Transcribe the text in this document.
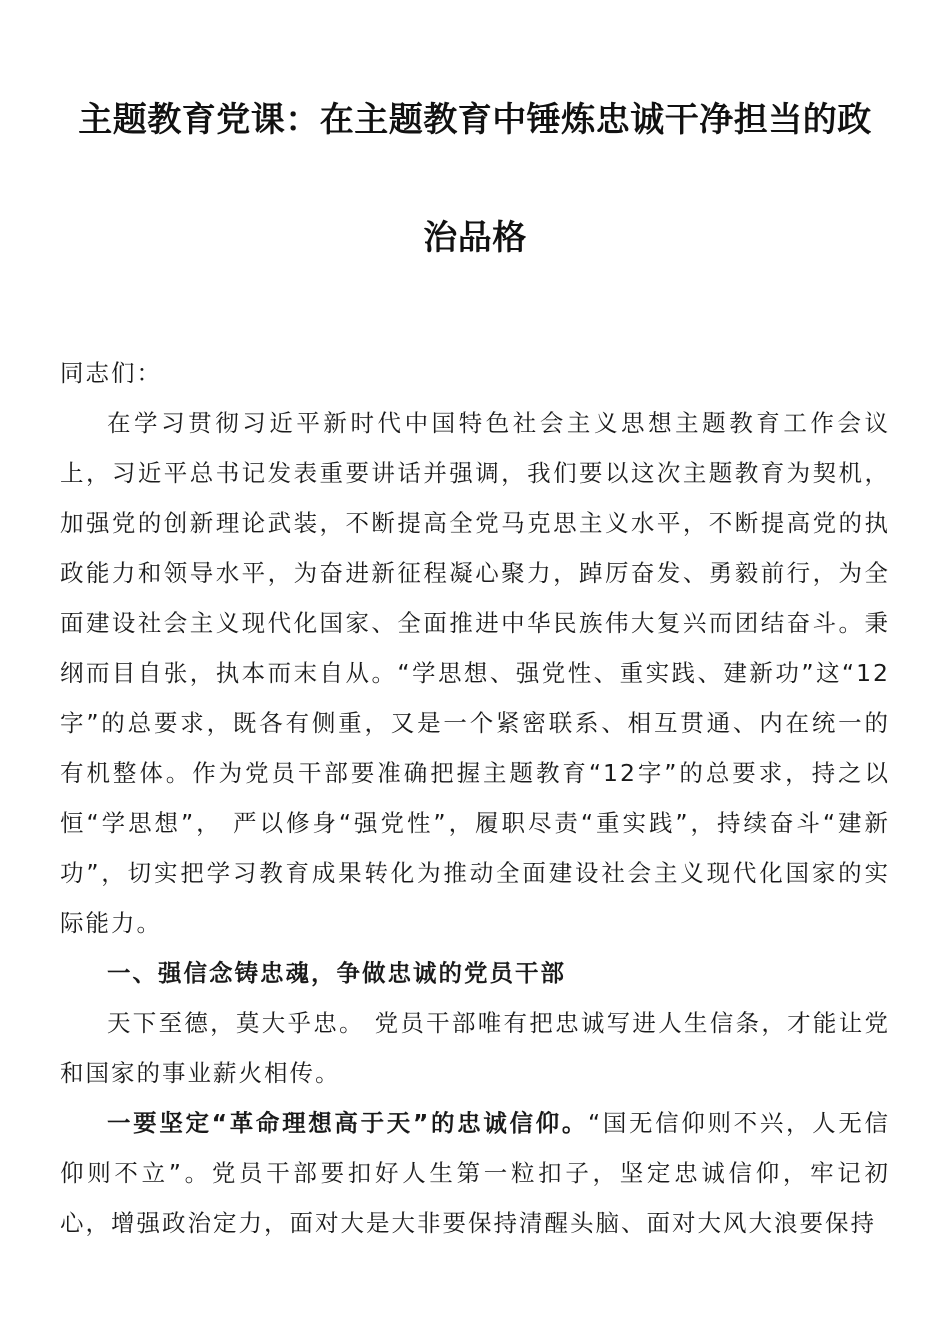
主题教育党课：在主题教育中锤炼忠诚干净担当的政
治品格

同志们：

在学习贯彻习近平新时代中国特色社会主义思想主题教育工作会议上，习近平总书记发表重要讲话并强调，我们要以这次主题教育为契机，加强党的创新理论武装，不断提高全党马克思主义水平，不断提高党的执政能力和领导水平，为奋进新征程凝心聚力，踔厉奋发、勇毅前行，为全面建设社会主义现代化国家、全面推进中华民族伟大复兴而团结奋斗。秉纲而目自张，执本而末自从。“学思想、强党性、重实践、建新功”这“12字”的总要求，既各有侧重，又是一个紧密联系、相互贯通、内在统一的有机整体。作为党员干部要准确把握主题教育“12字”的总要求，持之以恒“学思想”， 严以修身“强党性”，履职尽责“重实践”，持续奋斗“建新功”，切实把学习教育成果转化为推动全面建设社会主义现代化国家的实际能力。

一、强信念铸忠魂，争做忠诚的党员干部

天下至德，莫大乎忠。 党员干部唯有把忠诚写进人生信条，才能让党和国家的事业薪火相传。

一要坚定“革命理想高于天”的忠诚信仰。“国无信仰则不兴，人无信仰则不立”。党员干部要扣好人生第一粒扣子，坚定忠诚信仰，牢记初心，增强政治定力，面对大是大非要保持清醒头脑、面对大风大浪要保持
